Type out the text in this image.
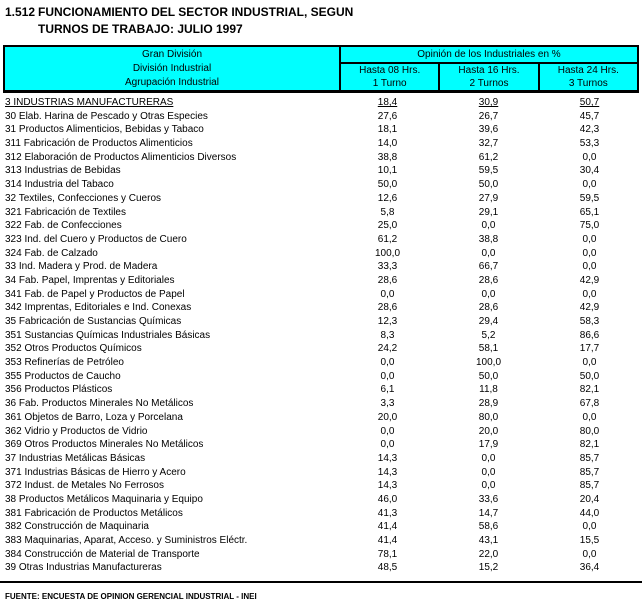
1.512 FUNCIONAMIENTO DEL SECTOR INDUSTRIAL, SEGUN
TURNOS DE TRABAJO: JULIO 1997
Gran División
División Industrial
Agrupación Industrial
Opinión de los Industriales en %
Hasta 08 Hrs.
1 Turno
Hasta 16 Hrs.
2 Turnos
Hasta 24 Hrs.
3 Turnos
3 INDUSTRIAS MANUFACTURERAS	18,4	30,9	50,7
30 Elab. Harina de Pescado y Otras Especies	27,6	26,7	45,7
31 Productos Alimenticios, Bebidas y Tabaco	18,1	39,6	42,3
311 Fabricación de Productos Alimenticios	14,0	32,7	53,3
312 Elaboración de Productos Alimenticios Diversos	38,8	61,2	0,0
313 Industrias de Bebidas	10,1	59,5	30,4
314 Industria del Tabaco	50,0	50,0	0,0
32 Textiles, Confecciones y Cueros	12,6	27,9	59,5
321 Fabricación de Textiles	5,8	29,1	65,1
322 Fab. de Confecciones	25,0	0,0	75,0
323 Ind. del Cuero y Productos de Cuero	61,2	38,8	0,0
324 Fab. de Calzado	100,0	0,0	0,0
33 Ind. Madera y Prod. de Madera	33,3	66,7	0,0
34 Fab. Papel, Imprentas y Editoriales	28,6	28,6	42,9
341 Fab. de Papel y Productos de Papel	0,0	0,0	0,0
342 Imprentas, Editoriales e Ind. Conexas	28,6	28,6	42,9
35 Fabricación de Sustancias Químicas	12,3	29,4	58,3
351 Sustancias Químicas Industriales Básicas	8,3	5,2	86,6
352 Otros Productos Químicos	24,2	58,1	17,7
353 Refinerías de Petróleo	0,0	100,0	0,0
355 Productos de Caucho	0,0	50,0	50,0
356 Productos Plásticos	6,1	11,8	82,1
36 Fab. Productos Minerales No Metálicos	3,3	28,9	67,8
361 Objetos de Barro, Loza y Porcelana	20,0	80,0	0,0
362 Vidrio y Productos de Vidrio	0,0	20,0	80,0
369 Otros Productos Minerales No Metálicos	0,0	17,9	82,1
37 Industrias Metálicas Básicas	14,3	0,0	85,7
371 Industrias Básicas de Hierro y Acero	14,3	0,0	85,7
372 Indust. de Metales No Ferrosos	14,3	0,0	85,7
38 Productos Metálicos Maquinaria y Equipo	46,0	33,6	20,4
381 Fabricación de Productos Metálicos	41,3	14,7	44,0
382 Construcción de Maquinaria	41,4	58,6	0,0
383 Maquinarias, Aparat, Acceso. y Suministros Eléctr.	41,4	43,1	15,5
384 Construcción de Material de Transporte	78,1	22,0	0,0
39 Otras Industrias Manufactureras	48,5	15,2	36,4
FUENTE: ENCUESTA DE OPINION GERENCIAL INDUSTRIAL - INEI
